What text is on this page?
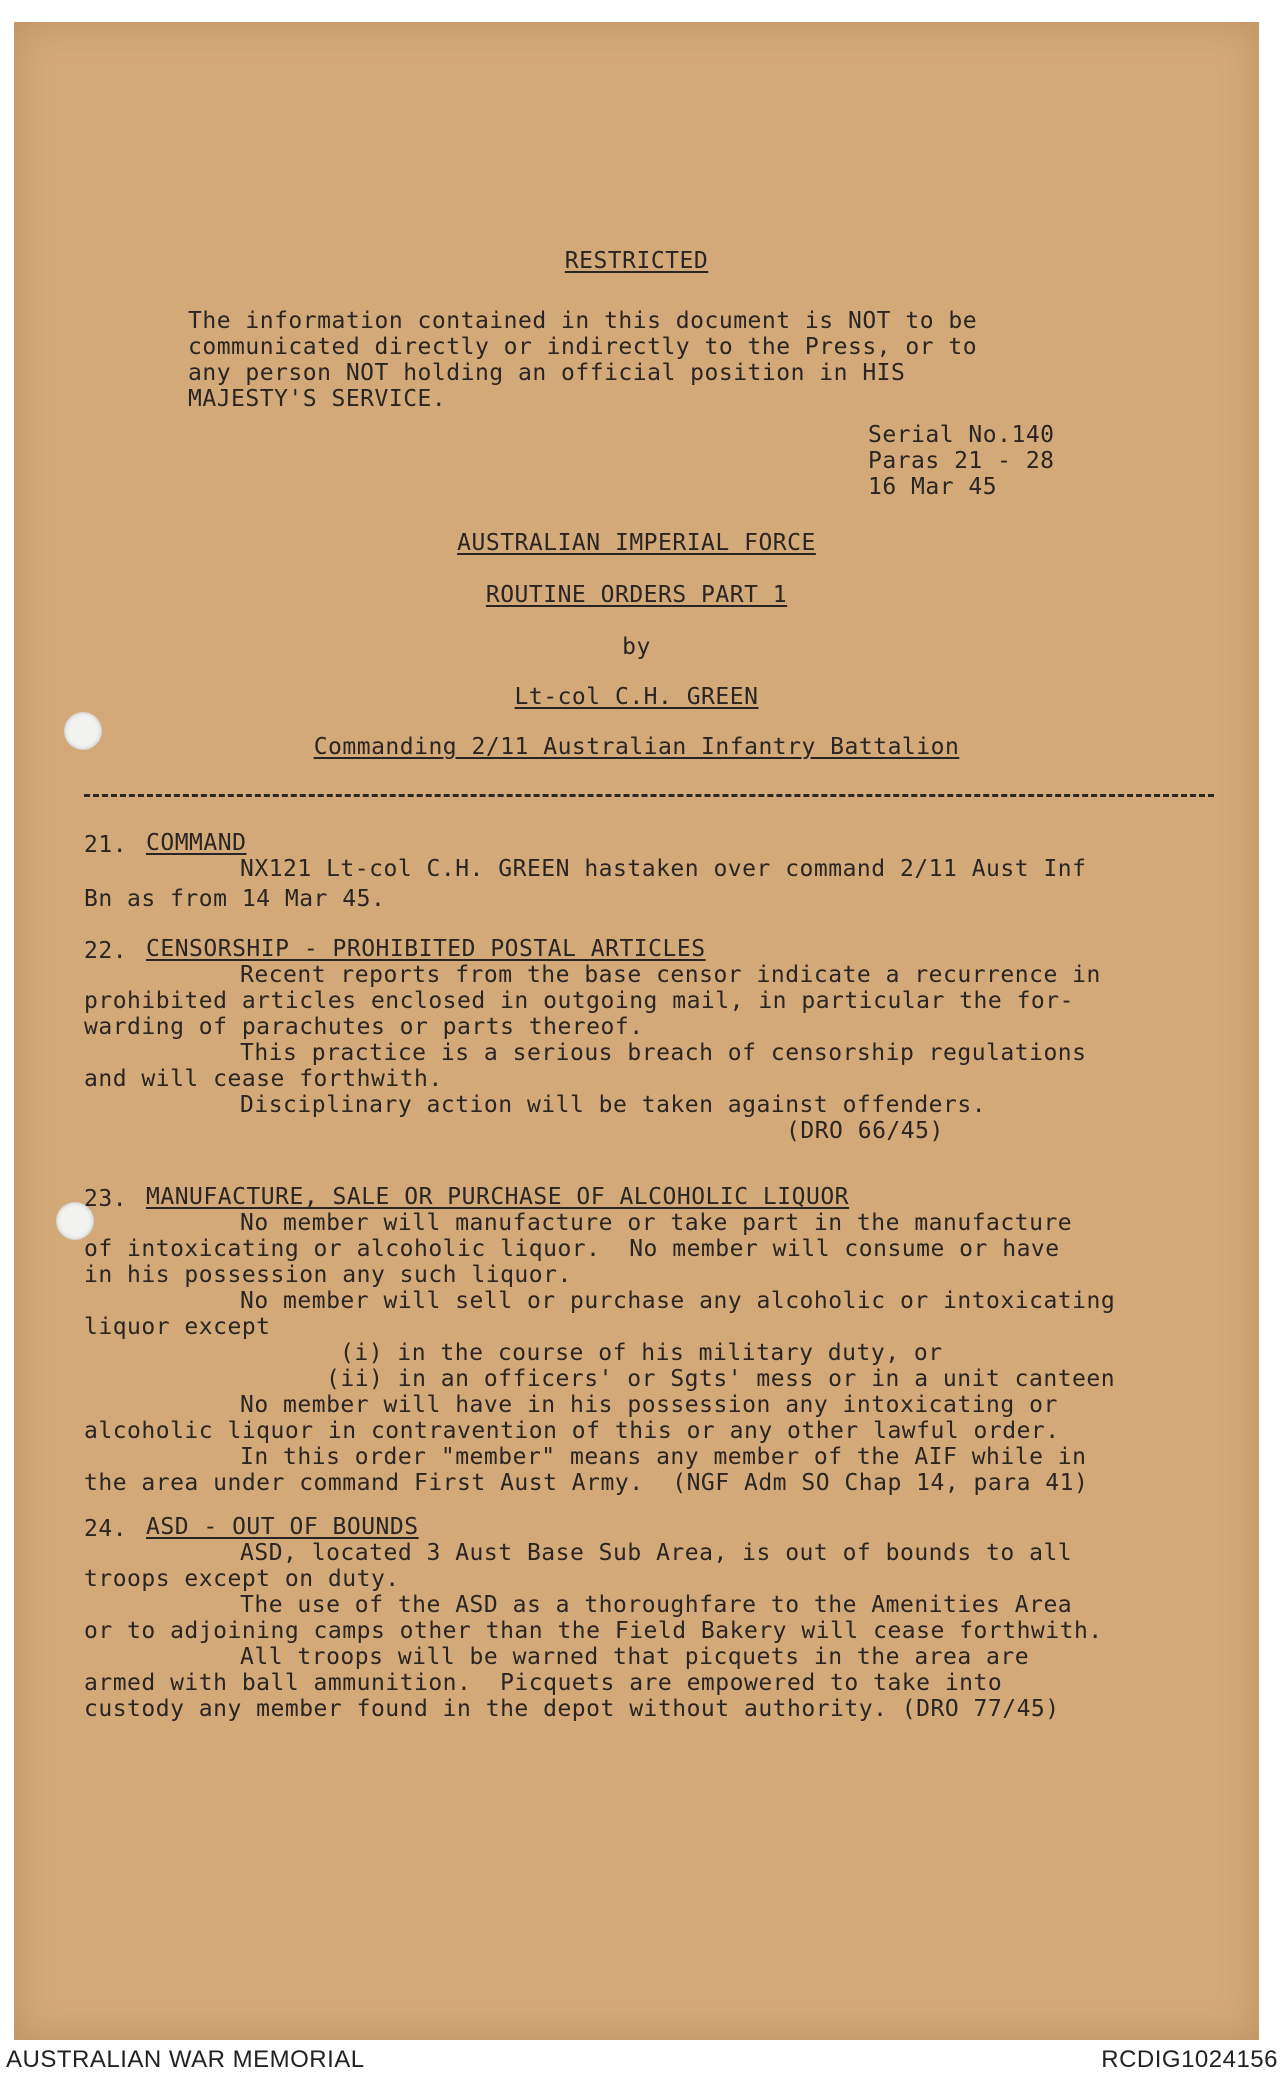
RESTRICTED
The information contained in this document is NOT to be
communicated directly or indirectly to the Press, or to
any person NOT holding an official position in HIS
MAJESTY'S SERVICE.
Serial No.140
Paras 21 - 28
16 Mar 45
AUSTRALIAN IMPERIAL FORCE
ROUTINE ORDERS PART 1
by
Lt-col C.H. GREEN
Commanding 2/11 Australian Infantry Battalion
21. COMMAND
NX121 Lt-col C.H. GREEN hastaken over command 2/11 Aust Inf
Bn as from 14 Mar 45.
22. CENSORSHIP - PROHIBITED POSTAL ARTICLES
Recent reports from the base censor indicate a recurrence in
prohibited articles enclosed in outgoing mail, in particular the for-
warding of parachutes or parts thereof.
This practice is a serious breach of censorship regulations
and will cease forthwith.
Disciplinary action will be taken against offenders.
(DRO 66/45)
23. MANUFACTURE, SALE OR PURCHASE OF ALCOHOLIC LIQUOR
No member will manufacture or take part in the manufacture
of intoxicating or alcoholic liquor.  No member will consume or have
in his possession any such liquor.
No member will sell or purchase any alcoholic or intoxicating
liquor except
(i) in the course of his military duty, or
(ii) in an officers' or Sgts' mess or in a unit canteen
No member will have in his possession any intoxicating or
alcoholic liquor in contravention of this or any other lawful order.
In this order "member" means any member of the AIF while in
the area under command First Aust Army.  (NGF Adm SO Chap 14, para 41)
24. ASD - OUT OF BOUNDS
ASD, located 3 Aust Base Sub Area, is out of bounds to all
troops except on duty.
The use of the ASD as a thoroughfare to the Amenities Area
or to adjoining camps other than the Field Bakery will cease forthwith.
All troops will be warned that picquets in the area are
armed with ball ammunition.  Picquets are empowered to take into
custody any member found in the depot without authority. (DRO 77/45)
AUSTRALIAN WAR MEMORIAL	RCDIG1024156
